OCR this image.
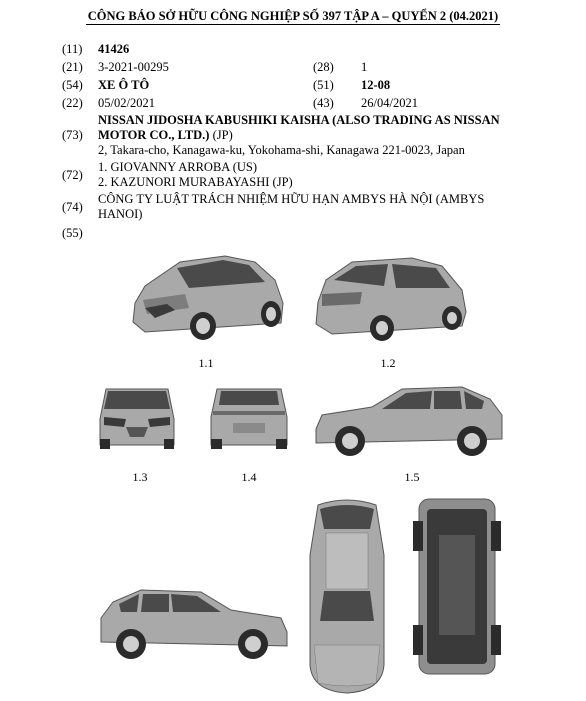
CÔNG BÁO SỞ HỮU CÔNG NGHIỆP SỐ 397 TẬP A – QUYỂN 2 (04.2021)
(11) 41426
(21) 3-2021-00295	(28) 1
(54) XE Ô TÔ	(51) 12-08
(22) 05/02/2021	(43) 26/04/2021
(73)
NISSAN JIDOSHA KABUSHIKI KAISHA (ALSO TRADING AS NISSAN
MOTOR CO., LTD.) (JP)
2, Takara-cho, Kanagawa-ku, Yokohama-shi, Kanagawa 221-0023, Japan
(72)
1. GIOVANNY ARROBA (US)
2. KAZUNORI MURABAYASHI (JP)
(74)
CÔNG TY LUẬT TRÁCH NHIỆM HỮU HẠN AMBYS HÀ NỘI (AMBYS
HANOI)
(55)
1.1	1.2
1.3	1.4	1.5
